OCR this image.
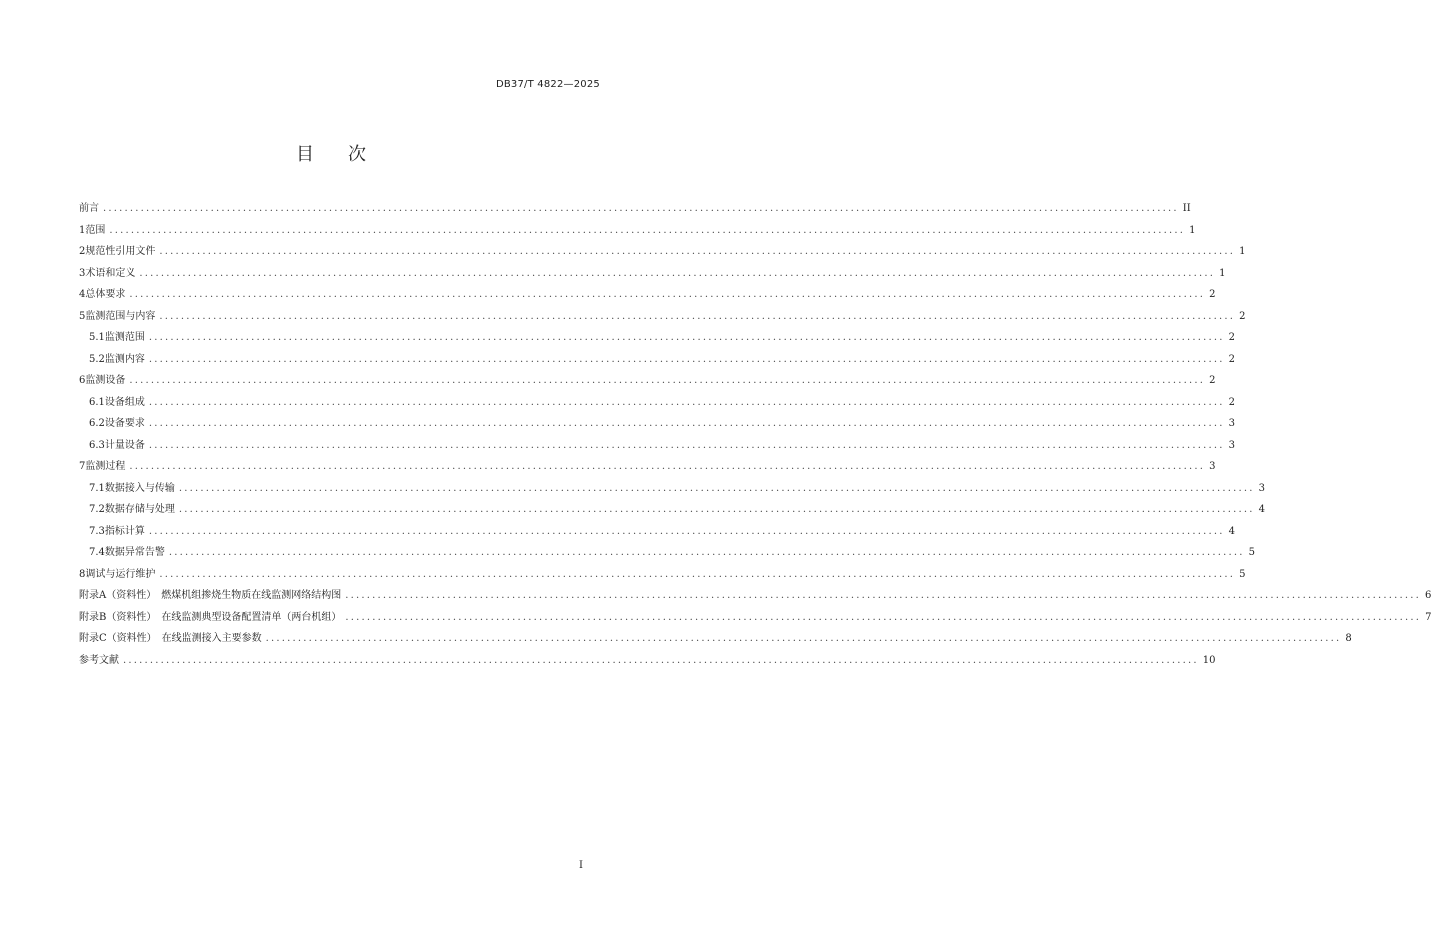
DB37/T 4822—2025
目次
前言 ........................................................................................................................................................................................................ II
1 范围 ........................................................................................................................................................................................................ 1
2 规范性引用文件 ........................................................................................................................................................................................................ 1
3 术语和定义 ........................................................................................................................................................................................................ 1
4 总体要求 ........................................................................................................................................................................................................ 2
5 监测范围与内容 ........................................................................................................................................................................................................ 2
5.1 监测范围 ........................................................................................................................................................................................................ 2
5.2 监测内容 ........................................................................................................................................................................................................ 2
6 监测设备 ........................................................................................................................................................................................................ 2
6.1 设备组成 ........................................................................................................................................................................................................ 2
6.2 设备要求 ........................................................................................................................................................................................................ 3
6.3 计量设备 ........................................................................................................................................................................................................ 3
7 监测过程 ........................................................................................................................................................................................................ 3
7.1 数据接入与传输 ........................................................................................................................................................................................................ 3
7.2 数据存储与处理 ........................................................................................................................................................................................................ 4
7.3 指标计算 ........................................................................................................................................................................................................ 4
7.4 数据异常告警 ........................................................................................................................................................................................................ 5
8 调试与运行维护 ........................................................................................................................................................................................................ 5
附录A（资料性）　燃煤机组掺烧生物质在线监测网络结构图 ........................................................................................................................................................................................................ 6
附录B（资料性）　在线监测典型设备配置清单（两台机组） ........................................................................................................................................................................................................ 7
附录C（资料性）　在线监测接入主要参数 ........................................................................................................................................................................................................ 8
参考文献 ........................................................................................................................................................................................................ 10
I
